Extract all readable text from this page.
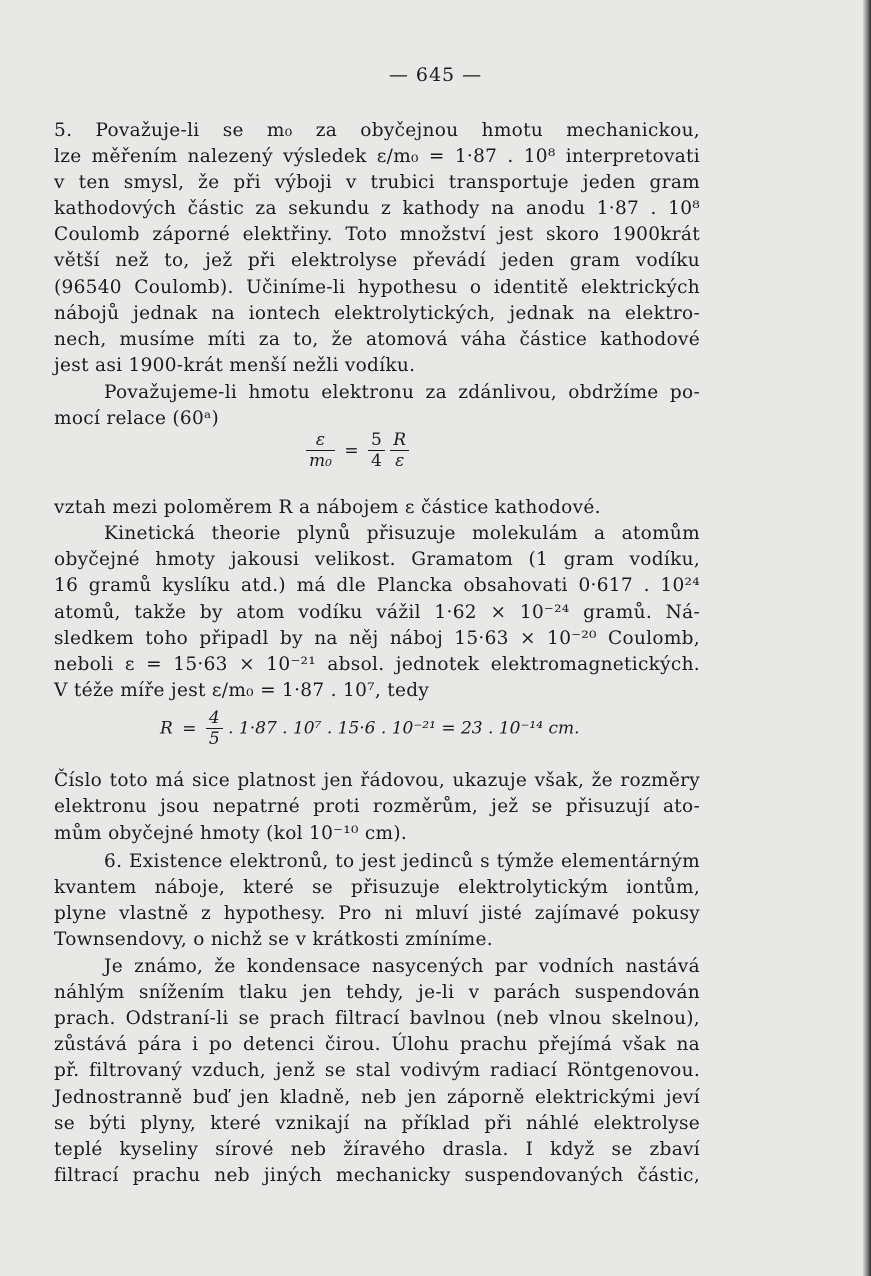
— 645 —
5. Považuje-li se m₀ za obyčejnou hmotu mechanickou,
lze měřením nalezený výsledek ε/m₀ = 1·87 . 10⁸ interpretovati
v ten smysl, že při výboji v trubici transportuje jeden gram
kathodových částic za sekundu z kathody na anodu 1·87 . 10⁸
Coulomb záporné elektřiny. Toto množství jest skoro 1900krát
větší než to, jež při elektrolyse převádí jeden gram vodíku
(96540 Coulomb). Učiníme-li hypothesu o identitě elektrických
nábojů jednak na iontech elektrolytických, jednak na elektro-
nech, musíme míti za to, že atomová váha částice kathodové
jest asi 1900-krát menší nežli vodíku.
Považujeme-li hmotu elektronu za zdánlivou, obdržíme po-
mocí relace (60ᵃ)
$\frac{\varepsilon}{\text{m₀}} = \frac{5}{4}$
$\frac{R}{\varepsilon}$
vztah mezi poloměrem R a nábojem ε částice kathodové.
Kinetická theorie plynů přisuzuje molekulám a atomům
obyčejné hmoty jakousi velikost. Gramatom (1 gram vodíku,
16 gramů kyslíku atd.) má dle Plancka obsahovati 0·617 . 10²⁴
atomů, takže by atom vodíku vážil 1·62 × 10⁻²⁴ gramů. Ná-
sledkem toho připadl by na něj náboj 15·63 × 10⁻²⁰ Coulomb,
neboli ε = 15·63 × 10⁻²¹ absol. jednotek elektromagnetických.
V téže míře jest ε/m₀ = 1·87 . 10⁷, tedy
$R = \frac{4}{5}$ . 1·87 . 10⁷ . 15·6 . 10⁻²¹ = 23 . 10⁻¹⁴ cm.
Číslo toto má sice platnost jen řádovou, ukazuje však, že rozměry
elektronu jsou nepatrné proti rozměrům, jež se přisuzují ato-
mům obyčejné hmoty (kol 10⁻¹⁰ cm).
6. Existence elektronů, to jest jedinců s týmže elementárným
kvantem náboje, které se přisuzuje elektrolytickým iontům,
plyne vlastně z hypothesy. Pro ni mluví jisté zajímavé pokusy
Townsendovy, o nichž se v krátkosti zmíníme.
Je známo, že kondensace nasycených par vodních nastává
náhlým snížením tlaku jen tehdy, je-li v parách suspendován
prach. Odstraní-li se prach filtrací bavlnou (neb vlnou skelnou),
zůstává pára i po detenci čirou. Úlohu prachu přejímá však na
př. filtrovaný vzduch, jenž se stal vodivým radiací Röntgenovou.
Jednostranně buď jen kladně, neb jen záporně elektrickými jeví
se býti plyny, které vznikají na příklad při náhlé elektrolyse
teplé kyseliny sírové neb žíravého drasla. I když se zbaví
filtrací prachu neb jiných mechanicky suspendovaných částic,
